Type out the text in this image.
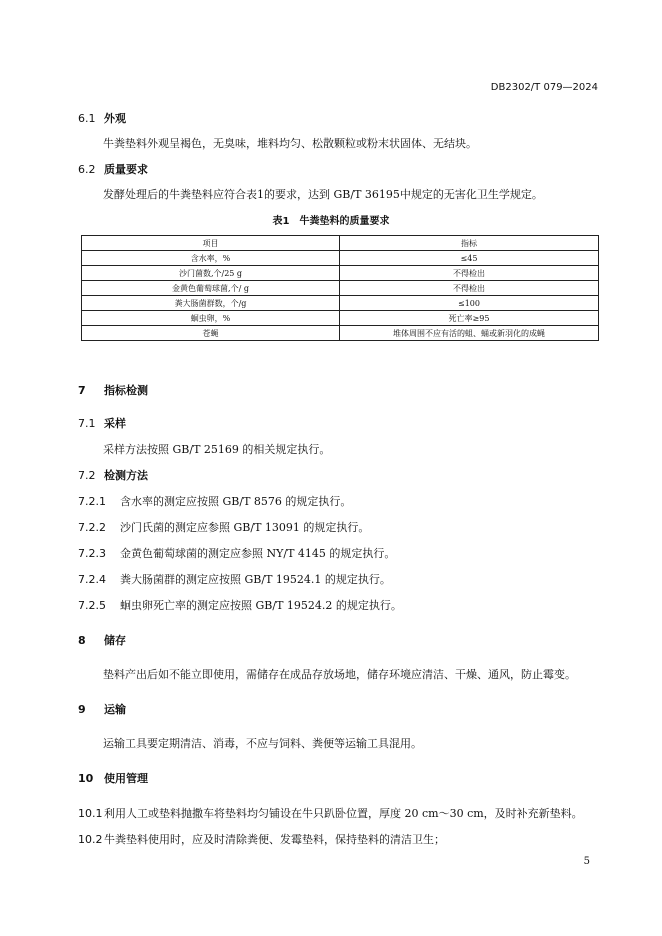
DB2302/T 079—2024
6.1 外观
牛粪垫料外观呈褐色，无臭味，堆料均匀、松散颗粒或粉末状固体、无结块。
6.2 质量要求
发酵处理后的牛粪垫料应符合表1的要求，达到 GB/T 36195中规定的无害化卫生学规定。
表1　牛粪垫料的质量要求
项目	指标
含水率，%	≤45
沙门菌数,个/25 g	不得检出
金黄色葡萄球菌,个/ g	不得检出
粪大肠菌群数，个/g	≤100
蛔虫卵，%	死亡率≥95
苍蝇	堆体周围不应有活的蛆、蛹或新羽化的成蝇
7 指标检测
7.1 采样
采样方法按照 GB/T 25169 的相关规定执行。
7.2 检测方法
7.2.1 含水率的测定应按照 GB/T 8576 的规定执行。
7.2.2 沙门氏菌的测定应参照 GB/T 13091 的规定执行。
7.2.3 金黄色葡萄球菌的测定应参照 NY/T 4145 的规定执行。
7.2.4 粪大肠菌群的测定应按照 GB/T 19524.1 的规定执行。
7.2.5 蛔虫卵死亡率的测定应按照 GB/T 19524.2 的规定执行。
8 储存
垫料产出后如不能立即使用，需储存在成品存放场地，储存环境应清洁、干燥、通风，防止霉变。
9 运输
运输工具要定期清洁、消毒，不应与饲料、粪便等运输工具混用。
10 使用管理
10.1 利用人工或垫料抛撒车将垫料均匀铺设在牛只趴卧位置，厚度 20 cm～30 cm，及时补充新垫料。
10.2 牛粪垫料使用时，应及时清除粪便、发霉垫料，保持垫料的清洁卫生；
5
